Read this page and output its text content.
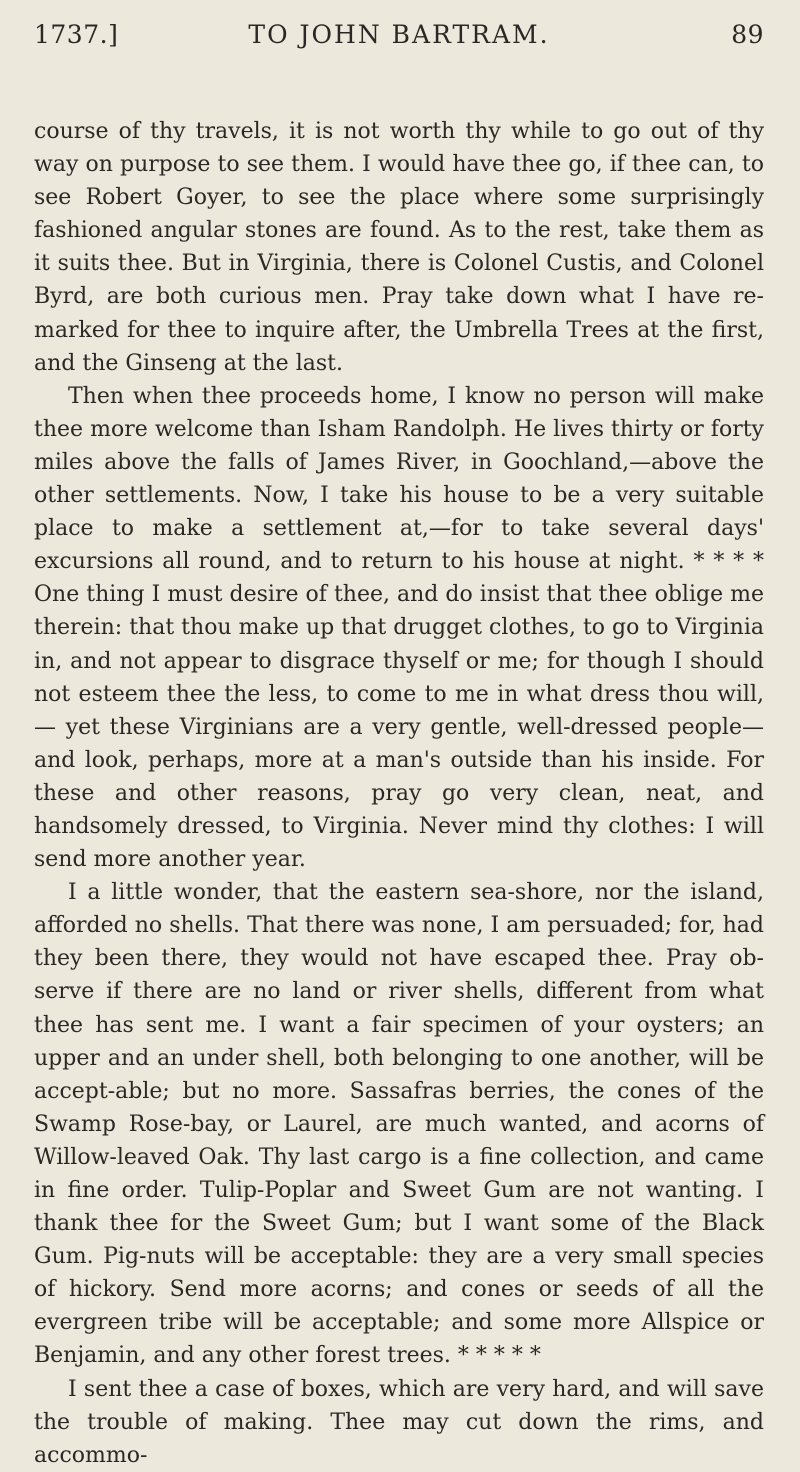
1737.]	TO JOHN BARTRAM.	89

course of thy travels, it is not worth thy while to go out of thy way on purpose to see them. I would have thee go, if thee can, to see Robert Goyer, to see the place where some surprisingly fashioned angular stones are found. As to the rest, take them as it suits thee. But in Virginia, there is Colonel Custis, and Colonel Byrd, are both curious men. Pray take down what I have re-marked for thee to inquire after, the Umbrella Trees at the first, and the Ginseng at the last.

Then when thee proceeds home, I know no person will make thee more welcome than Isham Randolph. He lives thirty or forty miles above the falls of James River, in Goochland,—above the other settlements. Now, I take his house to be a very suitable place to make a settlement at,—for to take several days' excursions all round, and to return to his house at night. * * * * One thing I must desire of thee, and do insist that thee oblige me therein: that thou make up that drugget clothes, to go to Virginia in, and not appear to disgrace thyself or me; for though I should not esteem thee the less, to come to me in what dress thou will,— yet these Virginians are a very gentle, well-dressed people—and look, perhaps, more at a man's outside than his inside. For these and other reasons, pray go very clean, neat, and handsomely dressed, to Virginia. Never mind thy clothes: I will send more another year.

I a little wonder, that the eastern sea-shore, nor the island, afforded no shells. That there was none, I am persuaded; for, had they been there, they would not have escaped thee. Pray ob-serve if there are no land or river shells, different from what thee has sent me. I want a fair specimen of your oysters; an upper and an under shell, both belonging to one another, will be accept-able; but no more. Sassafras berries, the cones of the Swamp Rose-bay, or Laurel, are much wanted, and acorns of Willow-leaved Oak. Thy last cargo is a fine collection, and came in fine order. Tulip-Poplar and Sweet Gum are not wanting. I thank thee for the Sweet Gum; but I want some of the Black Gum. Pig-nuts will be acceptable: they are a very small species of hickory. Send more acorns; and cones or seeds of all the evergreen tribe will be acceptable; and some more Allspice or Benjamin, and any other forest trees. * * * * *

I sent thee a case of boxes, which are very hard, and will save the trouble of making. Thee may cut down the rims, and accommo-
